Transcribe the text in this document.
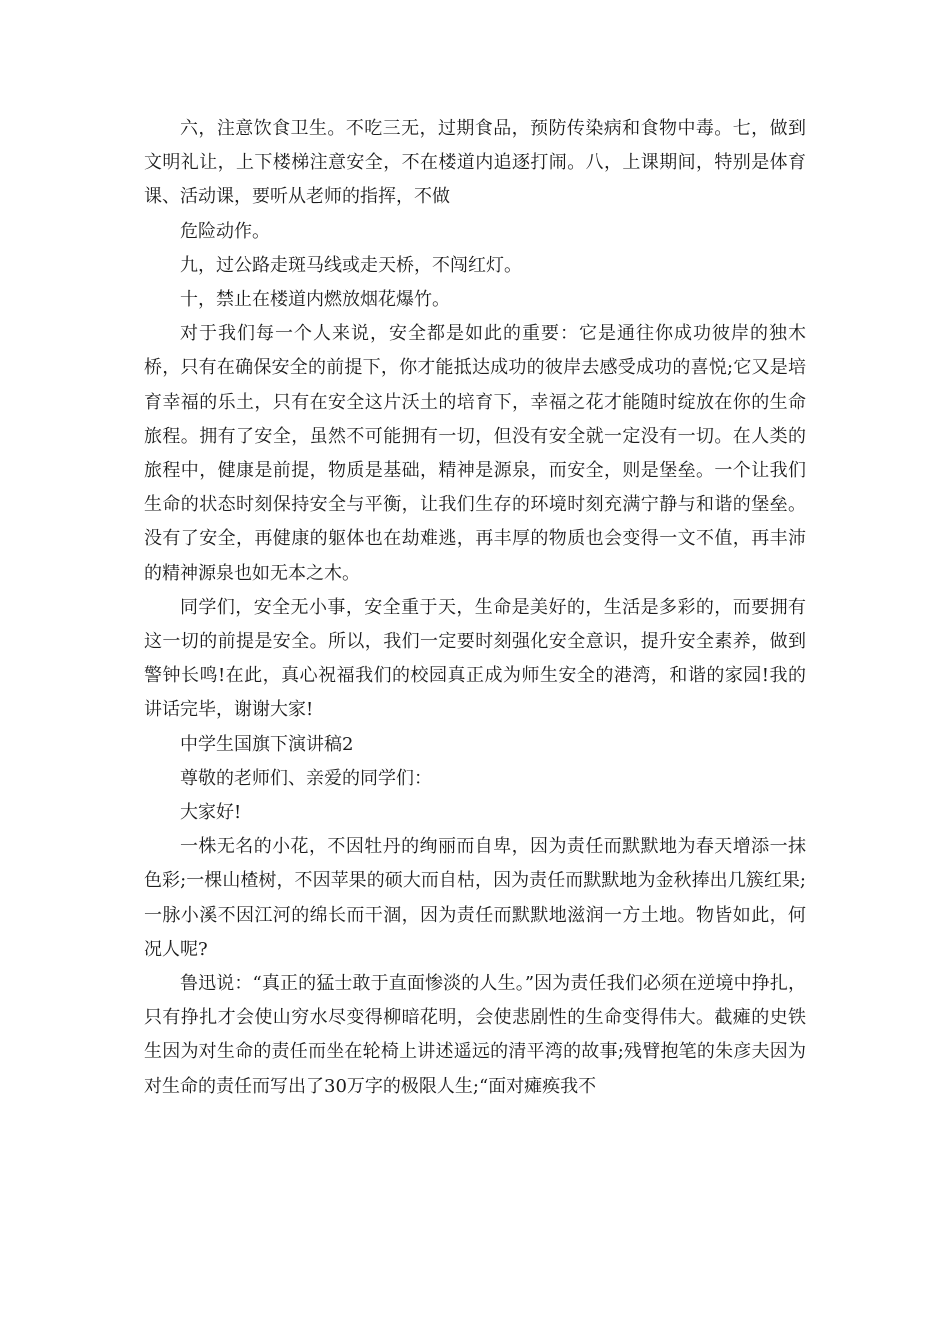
六，注意饮食卫生。不吃三无，过期食品，预防传染病和食物中毒。七，做到文明礼让，上下楼梯注意安全，不在楼道内追逐打闹。八，上课期间，特别是体育课、活动课，要听从老师的指挥，不做

危险动作。

九，过公路走斑马线或走天桥，不闯红灯。

十，禁止在楼道内燃放烟花爆竹。

对于我们每一个人来说，安全都是如此的重要：它是通往你成功彼岸的独木桥，只有在确保安全的前提下，你才能抵达成功的彼岸去感受成功的喜悦;它又是培育幸福的乐土，只有在安全这片沃土的培育下，幸福之花才能随时绽放在你的生命旅程。拥有了安全，虽然不可能拥有一切，但没有安全就一定没有一切。在人类的旅程中，健康是前提，物质是基础，精神是源泉，而安全，则是堡垒。一个让我们生命的状态时刻保持安全与平衡，让我们生存的环境时刻充满宁静与和谐的堡垒。没有了安全，再健康的躯体也在劫难逃，再丰厚的物质也会变得一文不值，再丰沛的精神源泉也如无本之木。

同学们，安全无小事，安全重于天，生命是美好的，生活是多彩的，而要拥有这一切的前提是安全。所以，我们一定要时刻强化安全意识，提升安全素养，做到警钟长鸣!在此，真心祝福我们的校园真正成为师生安全的港湾，和谐的家园!我的讲话完毕，谢谢大家!

中学生国旗下演讲稿2

尊敬的老师们、亲爱的同学们：

大家好!

一株无名的小花，不因牡丹的绚丽而自卑，因为责任而默默地为春天增添一抹色彩;一棵山楂树，不因苹果的硕大而自枯，因为责任而默默地为金秋捧出几簇红果;一脉小溪不因江河的绵长而干涸，因为责任而默默地滋润一方土地。物皆如此，何况人呢?

鲁迅说：“真正的猛士敢于直面惨淡的人生。”因为责任我们必须在逆境中挣扎，只有挣扎才会使山穷水尽变得柳暗花明，会使悲剧性的生命变得伟大。截瘫的史铁生因为对生命的责任而坐在轮椅上讲述遥远的清平湾的故事;残臂抱笔的朱彦夫因为对生命的责任而写出了30万字的极限人生;“面对瘫痪我不
